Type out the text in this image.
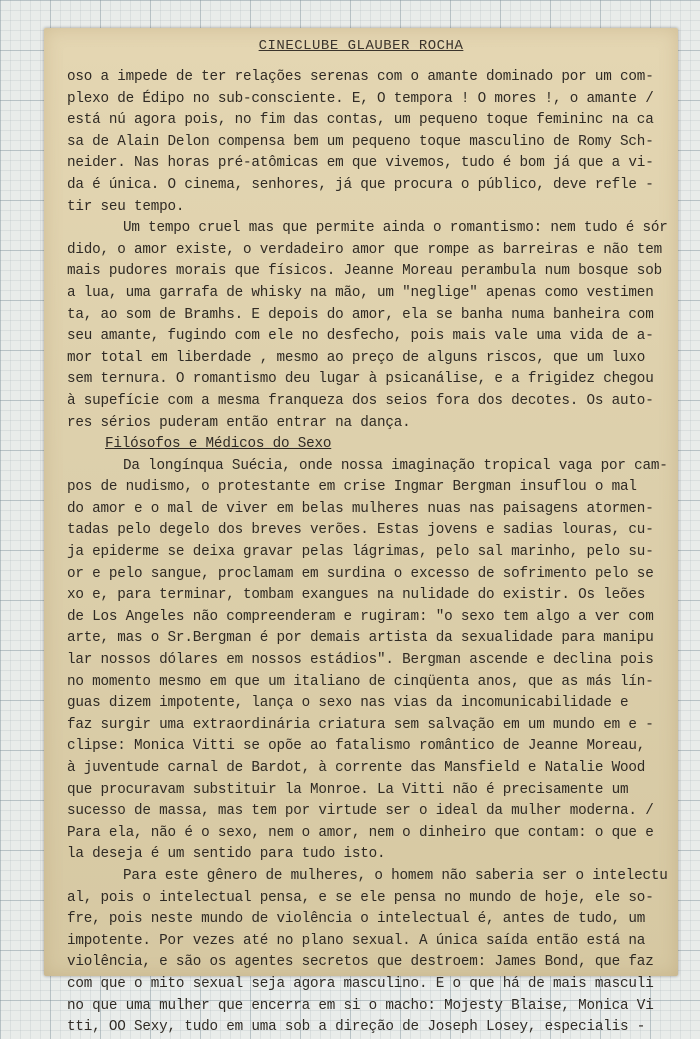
CINECLUBE GLAUBER ROCHA
oso a impede de ter relações serenas com o amante dominado por um com-
plexo de Édipo no sub-consciente. E, O tempora ! O mores !, o amante /
está nú agora pois, no fim das contas, um pequeno toque femininc na ca
sa de Alain Delon compensa bem um pequeno toque masculino de Romy Sch-
neider. Nas horas pré-atômicas em que vivemos, tudo é bom já que a vi-
da é única. O cinema, senhores, já que procura o público, deve refle -
tir seu tempo.
Um tempo cruel mas que permite ainda o romantismo: nem tudo é sór
dido, o amor existe, o verdadeiro amor que rompe as barreiras e não tem
mais pudores morais que físicos. Jeanne Moreau perambula num bosque sob
a lua, uma garrafa de whisky na mão, um "neglige" apenas como vestimen
ta, ao som de Bramhs. E depois do amor, ela se banha numa banheira com
seu amante, fugindo com ele no desfecho, pois mais vale uma vida de a-
mor total em liberdade , mesmo ao preço de alguns riscos, que um luxo
sem ternura. O romantismo deu lugar à psicanálise, e a frigidez chegou
à supefície com a mesma franqueza dos seios fora dos decotes. Os auto-
res sérios puderam então entrar na dança.
Filósofos e Médicos do Sexo
Da longínqua Suécia, onde nossa imaginação tropical vaga por cam-
pos de nudismo, o protestante em crise Ingmar Bergman insuflou o mal
do amor e o mal de viver em belas mulheres nuas nas paisagens atormen-
tadas pelo degelo dos breves verões. Estas jovens e sadias louras, cu-
ja epiderme se deixa gravar pelas lágrimas, pelo sal marinho, pelo su-
or e pelo sangue, proclamam em surdina o excesso de sofrimento pelo se
xo e, para terminar, tombam exangues na nulidade do existir. Os leões
de Los Angeles não compreenderam e rugiram: "o sexo tem algo a ver com
arte, mas o Sr.Bergman é por demais artista da sexualidade para manipu
lar nossos dólares em nossos estádios". Bergman ascende e declina pois
no momento mesmo em que um italiano de cinqüenta anos, que as más lín-
guas dizem impotente, lança o sexo nas vias da incomunicabilidade e
faz surgir uma extraordinária criatura sem salvação em um mundo em e -
clipse: Monica Vitti se opõe ao fatalismo romântico de Jeanne Moreau,
à juventude carnal de Bardot, à corrente das Mansfield e Natalie Wood
que procuravam substituir la Monroe. La Vitti não é precisamente um
sucesso de massa, mas tem por virtude ser o ideal da mulher moderna. /
Para ela, não é o sexo, nem o amor, nem o dinheiro que contam: o que e
la deseja é um sentido para tudo isto.
Para este gênero de mulheres, o homem não saberia ser o intelectu
al, pois o intelectual pensa, e se ele pensa no mundo de hoje, ele so-
fre, pois neste mundo de violência o intelectual é, antes de tudo, um
impotente. Por vezes até no plano sexual. A única saída então está na
violência, e são os agentes secretos que destroem: James Bond, que faz
com que o mito sexual seja agora masculino. E o que há de mais masculi
no que uma mulher que encerra em si o macho: Mojesty Blaise, Monica Vi
tti, OO Sexy, tudo em uma sob a direção de Joseph Losey, especialis -
